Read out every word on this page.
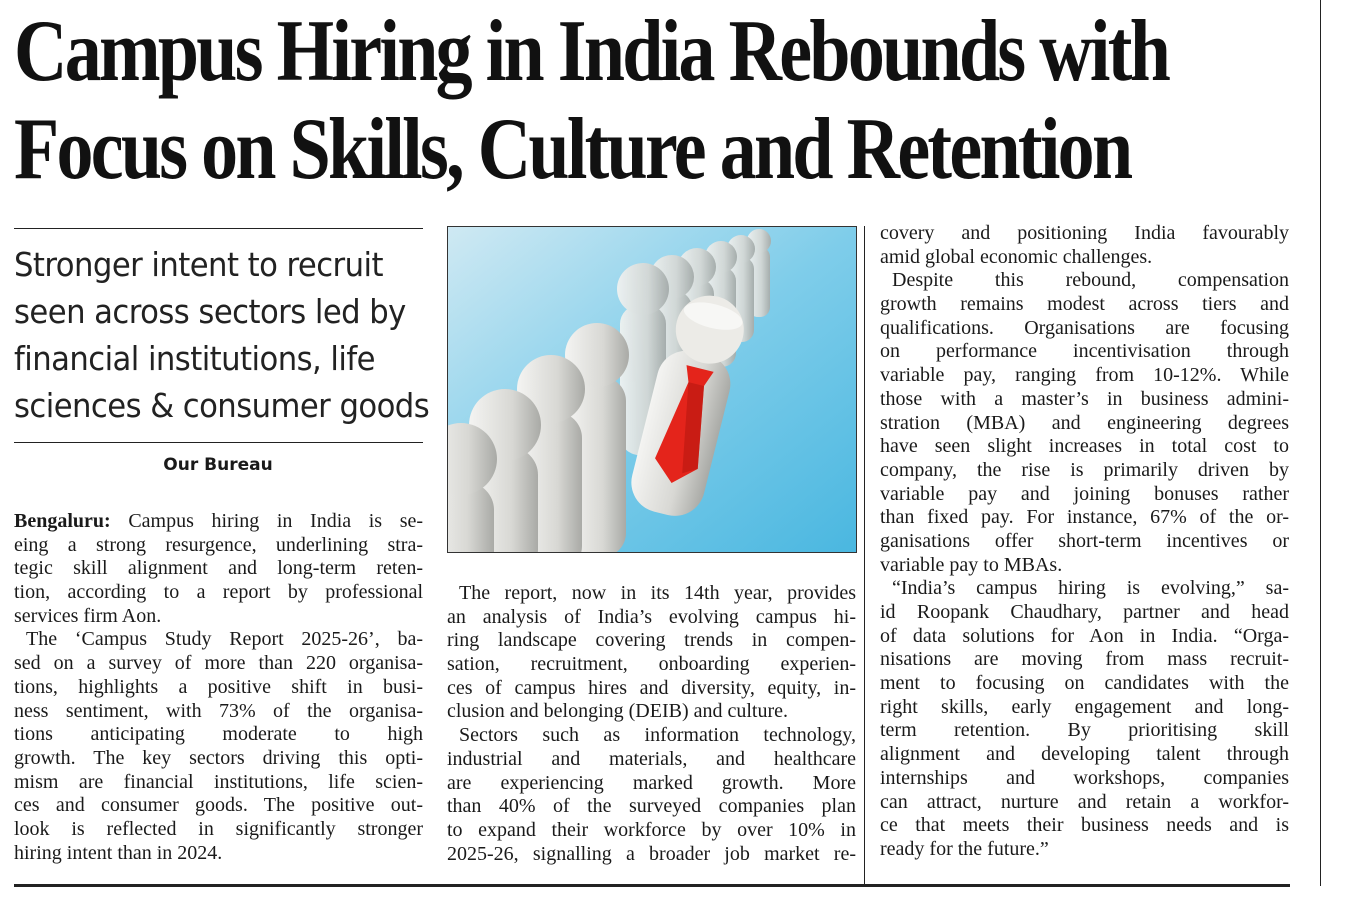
Campus Hiring in India Rebounds with
Focus on Skills, Culture and Retention
Stronger intent to recruit
seen across sectors led by
financial institutions, life
sciences & consumer goods
Our Bureau
Bengaluru: Campus hiring in India is se-
eing a strong resurgence, underlining stra-
tegic skill alignment and long-term reten-
tion, according to a report by professional
services firm Aon.
The ‘Campus Study Report 2025-26’, ba-
sed on a survey of more than 220 organisa-
tions, highlights a positive shift in busi-
ness sentiment, with 73% of the organisa-
tions anticipating moderate to high
growth. The key sectors driving this opti-
mism are financial institutions, life scien-
ces and consumer goods. The positive out-
look is reflected in significantly stronger
hiring intent than in 2024.
The report, now in its 14th year, provides
an analysis of India’s evolving campus hi-
ring landscape covering trends in compen-
sation, recruitment, onboarding experien-
ces of campus hires and diversity, equity, in-
clusion and belonging (DEIB) and culture.
Sectors such as information technology,
industrial and materials, and healthcare
are experiencing marked growth. More
than 40% of the surveyed companies plan
to expand their workforce by over 10% in
2025-26, signalling a broader job market re-
covery and positioning India favourably
amid global economic challenges.
Despite this rebound, compensation
growth remains modest across tiers and
qualifications. Organisations are focusing
on performance incentivisation through
variable pay, ranging from 10-12%. While
those with a master’s in business admini-
stration (MBA) and engineering degrees
have seen slight increases in total cost to
company, the rise is primarily driven by
variable pay and joining bonuses rather
than fixed pay. For instance, 67% of the or-
ganisations offer short-term incentives or
variable pay to MBAs.
“India’s campus hiring is evolving,” sa-
id Roopank Chaudhary, partner and head
of data solutions for Aon in India. “Orga-
nisations are moving from mass recruit-
ment to focusing on candidates with the
right skills, early engagement and long-
term retention. By prioritising skill
alignment and developing talent through
internships and workshops, companies
can attract, nurture and retain a workfor-
ce that meets their business needs and is
ready for the future.”
